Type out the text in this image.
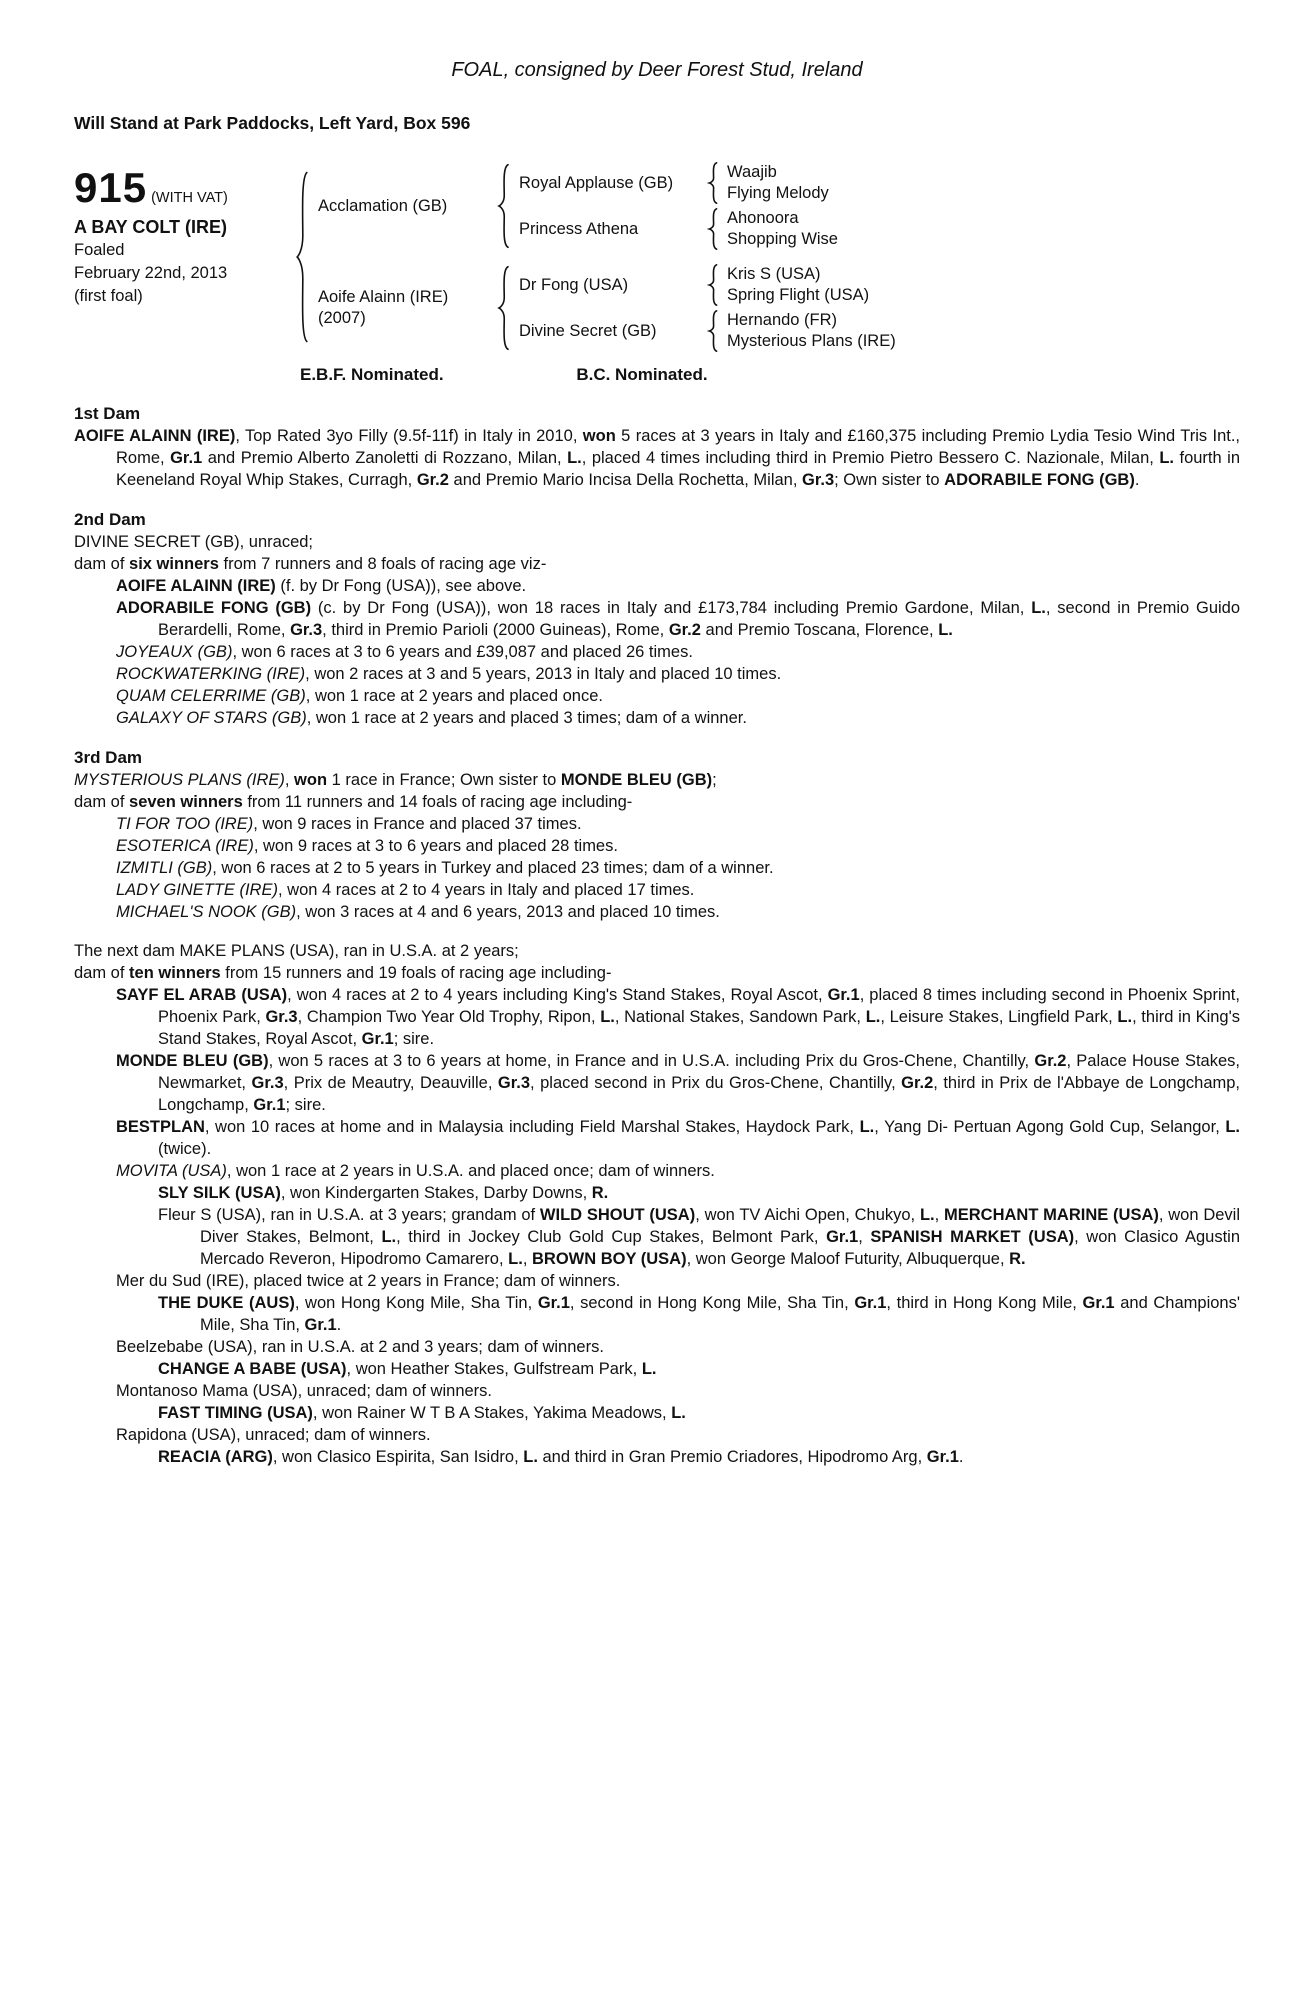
FOAL, consigned by Deer Forest Stud, Ireland
Will Stand at Park Paddocks, Left Yard, Box 596
915 (WITH VAT)
A BAY COLT (IRE)
Foaled
February 22nd, 2013
(first foal)
Acclamation (GB)
Royal Applause (GB)
Waajib
Flying Melody
Princess Athena
Ahonoora
Shopping Wise
Aoife Alainn (IRE)
(2007)
Dr Fong (USA)
Kris S (USA)
Spring Flight (USA)
Divine Secret (GB)
Hernando (FR)
Mysterious Plans (IRE)
E.B.F. Nominated.	B.C. Nominated.
1st Dam

AOIFE ALAINN (IRE), Top Rated 3yo Filly (9.5f-11f) in Italy in 2010, won 5 races at 3 years in Italy and £160,375 including Premio Lydia Tesio Wind Tris Int., Rome, Gr.1 and Premio Alberto Zanoletti di Rozzano, Milan, L., placed 4 times including third in Premio Pietro Bessero C. Nazionale, Milan, L. fourth in Keeneland Royal Whip Stakes, Curragh, Gr.2 and Premio Mario Incisa Della Rochetta, Milan, Gr.3; Own sister to ADORABILE FONG (GB).

2nd Dam

DIVINE SECRET (GB), unraced;

dam of six winners from 7 runners and 8 foals of racing age viz-

AOIFE ALAINN (IRE) (f. by Dr Fong (USA)), see above.

ADORABILE FONG (GB) (c. by Dr Fong (USA)), won 18 races in Italy and £173,784 including Premio Gardone, Milan, L., second in Premio Guido Berardelli, Rome, Gr.3, third in Premio Parioli (2000 Guineas), Rome, Gr.2 and Premio Toscana, Florence, L.

JOYEAUX (GB), won 6 races at 3 to 6 years and £39,087 and placed 26 times.

ROCKWATERKING (IRE), won 2 races at 3 and 5 years, 2013 in Italy and placed 10 times.

QUAM CELERRIME (GB), won 1 race at 2 years and placed once.

GALAXY OF STARS (GB), won 1 race at 2 years and placed 3 times; dam of a winner.

3rd Dam

MYSTERIOUS PLANS (IRE), won 1 race in France; Own sister to MONDE BLEU (GB);

dam of seven winners from 11 runners and 14 foals of racing age including-

TI FOR TOO (IRE), won 9 races in France and placed 37 times.

ESOTERICA (IRE), won 9 races at 3 to 6 years and placed 28 times.

IZMITLI (GB), won 6 races at 2 to 5 years in Turkey and placed 23 times; dam of a winner.

LADY GINETTE (IRE), won 4 races at 2 to 4 years in Italy and placed 17 times.

MICHAEL'S NOOK (GB), won 3 races at 4 and 6 years, 2013 and placed 10 times.

The next dam MAKE PLANS (USA), ran in U.S.A. at 2 years;

dam of ten winners from 15 runners and 19 foals of racing age including-

SAYF EL ARAB (USA), won 4 races at 2 to 4 years including King's Stand Stakes, Royal Ascot, Gr.1, placed 8 times including second in Phoenix Sprint, Phoenix Park, Gr.3, Champion Two Year Old Trophy, Ripon, L., National Stakes, Sandown Park, L., Leisure Stakes, Lingfield Park, L., third in King's Stand Stakes, Royal Ascot, Gr.1; sire.

MONDE BLEU (GB), won 5 races at 3 to 6 years at home, in France and in U.S.A. including Prix du Gros-Chene, Chantilly, Gr.2, Palace House Stakes, Newmarket, Gr.3, Prix de Meautry, Deauville, Gr.3, placed second in Prix du Gros-Chene, Chantilly, Gr.2, third in Prix de l'Abbaye de Longchamp, Longchamp, Gr.1; sire.

BESTPLAN, won 10 races at home and in Malaysia including Field Marshal Stakes, Haydock Park, L., Yang Di- Pertuan Agong Gold Cup, Selangor, L. (twice).

MOVITA (USA), won 1 race at 2 years in U.S.A. and placed once; dam of winners.

SLY SILK (USA), won Kindergarten Stakes, Darby Downs, R.

Fleur S (USA), ran in U.S.A. at 3 years; grandam of WILD SHOUT (USA), won TV Aichi Open, Chukyo, L., MERCHANT MARINE (USA), won Devil Diver Stakes, Belmont, L., third in Jockey Club Gold Cup Stakes, Belmont Park, Gr.1, SPANISH MARKET (USA), won Clasico Agustin Mercado Reveron, Hipodromo Camarero, L., BROWN BOY (USA), won George Maloof Futurity, Albuquerque, R.

Mer du Sud (IRE), placed twice at 2 years in France; dam of winners.

THE DUKE (AUS), won Hong Kong Mile, Sha Tin, Gr.1, second in Hong Kong Mile, Sha Tin, Gr.1, third in Hong Kong Mile, Gr.1 and Champions' Mile, Sha Tin, Gr.1.

Beelzebabe (USA), ran in U.S.A. at 2 and 3 years; dam of winners.

CHANGE A BABE (USA), won Heather Stakes, Gulfstream Park, L.

Montanoso Mama (USA), unraced; dam of winners.

FAST TIMING (USA), won Rainer W T B A Stakes, Yakima Meadows, L.

Rapidona (USA), unraced; dam of winners.

REACIA (ARG), won Clasico Espirita, San Isidro, L. and third in Gran Premio Criadores, Hipodromo Arg, Gr.1.
